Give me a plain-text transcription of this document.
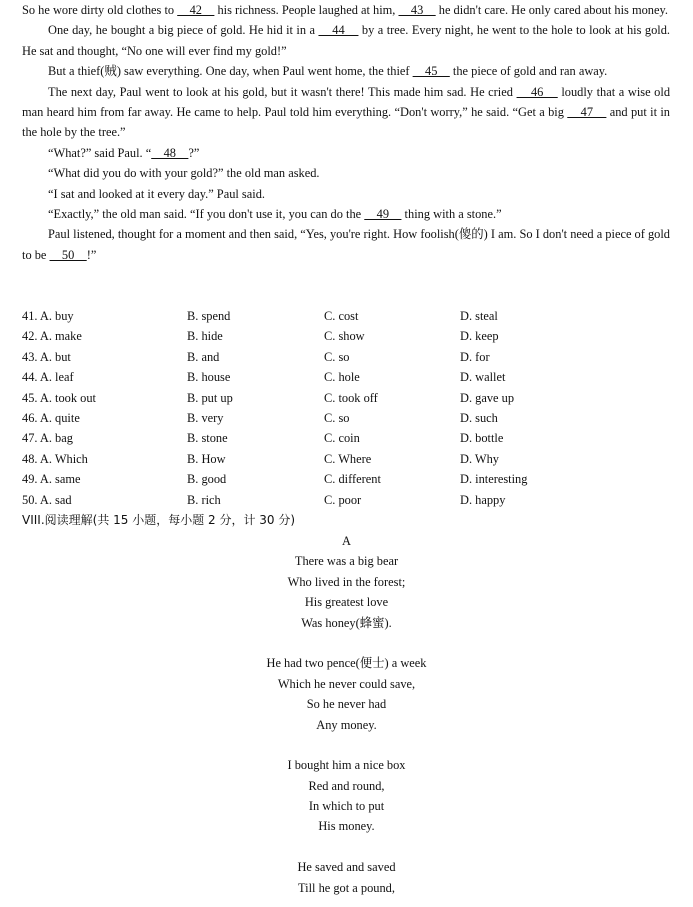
So he wore dirty old clothes to     42     his richness. People laughed at him,     43     he didn't care. He only cared about his money.

One day, he bought a big piece of gold. He hid it in a     44     by a tree. Every night, he went to the hole to look at his gold. He sat and thought, “No one will ever find my gold!”

But a thief(贼) saw everything. One day, when Paul went home, the thief     45     the piece of gold and ran away.

The next day, Paul went to look at his gold, but it wasn't there! This made him sad. He cried     46     loudly that a wise old man heard him from far away. He came to help. Paul told him everything. “Don't worry,” he said. “Get a big     47     and put it in the hole by the tree.”

“What?” said Paul. “    48    ?”

“What did you do with your gold?” the old man asked.

“I sat and looked at it every day.” Paul said.

“Exactly,” the old man said. “If you don't use it, you can do the     49     thing with a stone.”

Paul listened, thought for a moment and then said, “Yes, you're right. How foolish(傻的) I am. So I don't need a piece of gold to be     50    !”

41. A. buy	B. spend	C. cost	D. steal
42. A. make	B. hide	C. show	D. keep
43. A. but	B. and	C. so	D. for
44. A. leaf	B. house	C. hole	D. wallet
45. A. took out	B. put up	C. took off	D. gave up
46. A. quite	B. very	C. so	D. such
47. A. bag	B. stone	C. coin	D. bottle
48. A. Which	B. How	C. Where	D. Why
49. A. same	B. good	C. different	D. interesting
50. A. sad	B. rich	C. poor	D. happy
VIII.阅读理解(共 15 小题，每小题 2 分，计 30 分)
A
There was a big bear
Who lived in the forest;
His greatest love
Was honey(蜂蜜).
He had two pence(便士) a week
Which he never could save,
So he never had
Any money.
I bought him a nice box
Red and round,
In which to put
His money.
He saved and saved
Till he got a pound,
